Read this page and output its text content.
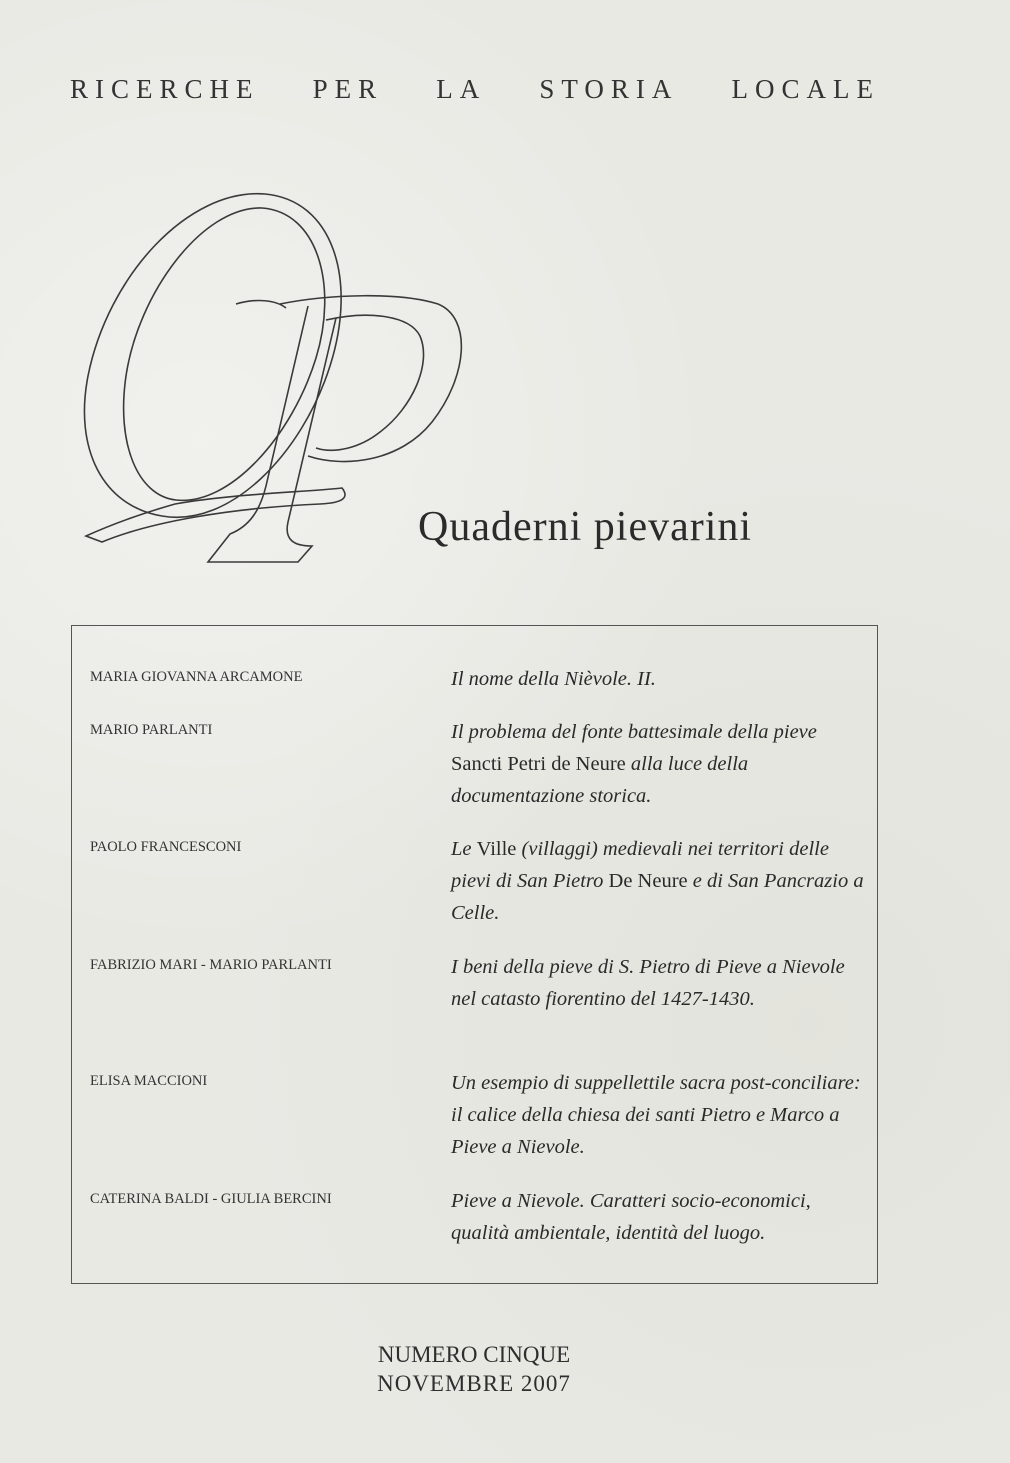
RICERCHE PER LA STORIA LOCALE
Quaderni pievarini
MARIA GIOVANNA ARCAMONE	Il nome della Nièvole. II.
MARIO PARLANTI	Il problema del fonte battesimale della pieve Sancti Petri de Neure alla luce della documentazione storica.
PAOLO FRANCESCONI	Le Ville (villaggi) medievali nei territori delle pievi di San Pietro De Neure e di San Pancrazio a Celle.
FABRIZIO MARI - MARIO PARLANTI	I beni della pieve di S. Pietro di Pieve a Nievole nel catasto fiorentino del 1427-1430.
ELISA MACCIONI	Un esempio di suppellettile sacra post-conciliare: il calice della chiesa dei santi Pietro e Marco a Pieve a Nievole.
CATERINA BALDI - GIULIA BERCINI	Pieve a Nievole. Caratteri socio-economici, qualità ambientale, identità del luogo.
NUMERO CINQUE
NOVEMBRE 2007
